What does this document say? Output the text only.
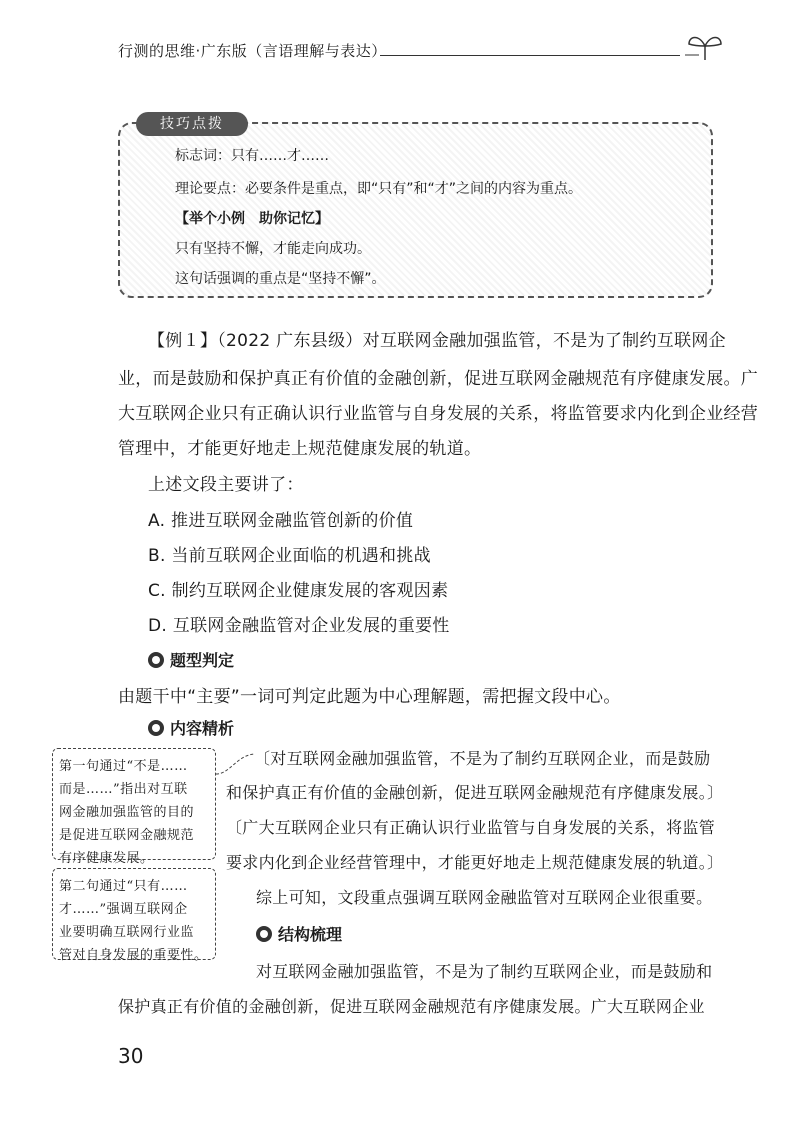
行测的思维·广东版（言语理解与表达）
技巧点拨
标志词：只有……才……
理论要点：必要条件是重点，即“只有”和“才”之间的内容为重点。
【举个小例　助你记忆】
只有坚持不懈，才能走向成功。
这句话强调的重点是“坚持不懈”。
【例１】（2022 广东县级）对互联网金融加强监管，不是为了制约互联网企
业，而是鼓励和保护真正有价值的金融创新，促进互联网金融规范有序健康发展。广
大互联网企业只有正确认识行业监管与自身发展的关系，将监管要求内化到企业经营
管理中，才能更好地走上规范健康发展的轨道。
上述文段主要讲了：
A. 推进互联网金融监管创新的价值
B. 当前互联网企业面临的机遇和挑战
C. 制约互联网企业健康发展的客观因素
D. 互联网金融监管对企业发展的重要性
题型判定
由题干中“主要”一词可判定此题为中心理解题，需把握文段中心。
内容精析
第一句通过“不是……
而是……”指出对互联
网金融加强监管的目的
是促进互联网金融规范
有序健康发展。
第二句通过“只有……
才……”强调互联网企
业要明确互联网行业监
管对自身发展的重要性。
〔对互联网金融加强监管，不是为了制约互联网企业，而是鼓励
和保护真正有价值的金融创新，促进互联网金融规范有序健康发展。〕
〔广大互联网企业只有正确认识行业监管与自身发展的关系，将监管
要求内化到企业经营管理中，才能更好地走上规范健康发展的轨道。〕
综上可知，文段重点强调互联网金融监管对互联网企业很重要。
结构梳理
对互联网金融加强监管，不是为了制约互联网企业，而是鼓励和
保护真正有价值的金融创新，促进互联网金融规范有序健康发展。广大互联网企业
30
